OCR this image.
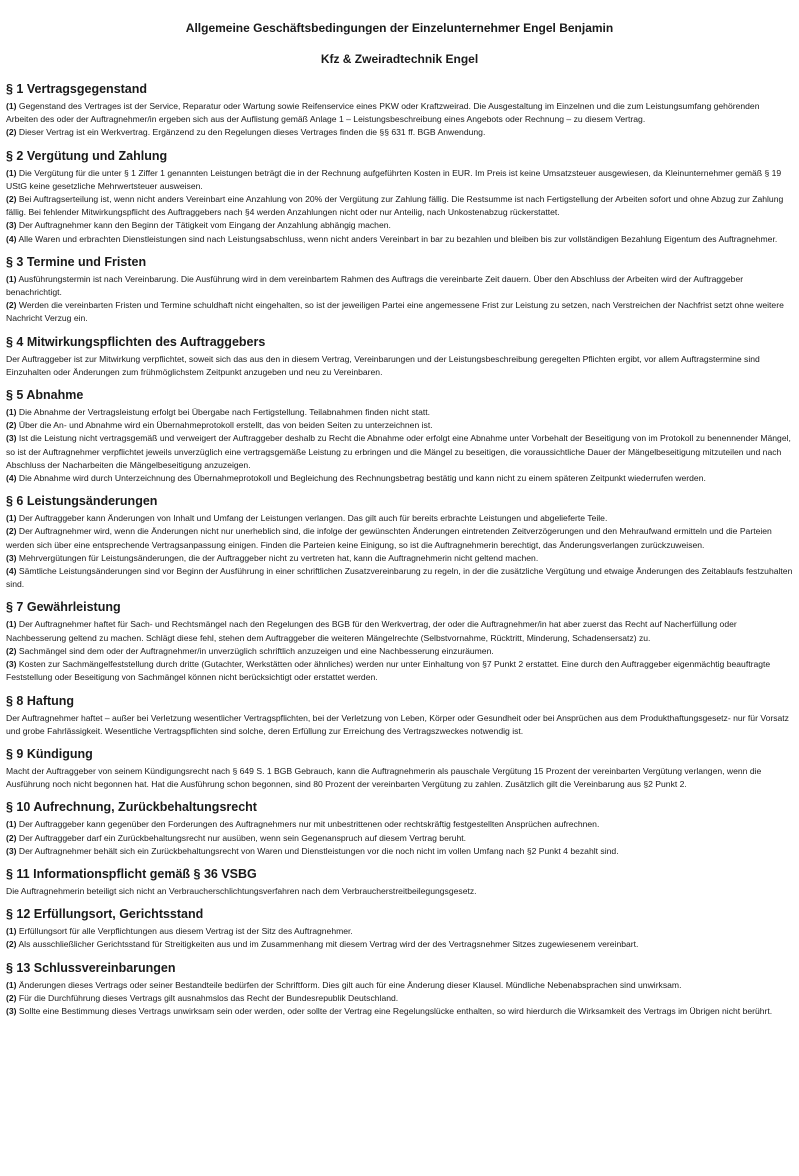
Allgemeine Geschäftsbedingungen der Einzelunternehmer Engel Benjamin
Kfz & Zweiradtechnik Engel
§ 1 Vertragsgegenstand

(1) Gegenstand des Vertrages ist der Service, Reparatur oder Wartung sowie Reifenservice eines PKW oder Kraftzweirad. Die Ausgestaltung im Einzelnen und die zum Leistungsumfang gehörenden Arbeiten des oder der Auftragnehmer/in ergeben sich aus der Auflistung gemäß Anlage 1 – Leistungsbeschreibung eines Angebots oder Rechnung – zu diesem Vertrag.

(2) Dieser Vertrag ist ein Werkvertrag. Ergänzend zu den Regelungen dieses Vertrages finden die §§ 631 ff. BGB Anwendung.

§ 2 Vergütung und Zahlung

(1) Die Vergütung für die unter § 1 Ziffer 1 genannten Leistungen beträgt die in der Rechnung aufgeführten Kosten in EUR. Im Preis ist keine Umsatzsteuer ausgewiesen, da Kleinunternehmer gemäß § 19 UStG keine gesetzliche Mehrwertsteuer ausweisen.

(2) Bei Auftragserteilung ist, wenn nicht anders Vereinbart eine Anzahlung von 20% der Vergütung zur Zahlung fällig. Die Restsumme ist nach Fertigstellung der Arbeiten sofort und ohne Abzug zur Zahlung fällig. Bei fehlender Mitwirkungspflicht des Auftraggebers nach §4 werden Anzahlungen nicht oder nur Anteilig, nach Unkostenabzug rückerstattet.

(3) Der Auftragnehmer kann den Beginn der Tätigkeit vom Eingang der Anzahlung abhängig machen.

(4) Alle Waren und erbrachten Dienstleistungen sind nach Leistungsabschluss, wenn nicht anders Vereinbart in bar zu bezahlen und bleiben bis zur vollständigen Bezahlung Eigentum des Auftragnehmer.

§ 3 Termine und Fristen

(1) Ausführungstermin ist nach Vereinbarung. Die Ausführung wird in dem vereinbartem Rahmen des Auftrags die vereinbarte Zeit dauern. Über den Abschluss der Arbeiten wird der Auftraggeber benachrichtigt.

(2) Werden die vereinbarten Fristen und Termine schuldhaft nicht eingehalten, so ist der jeweiligen Partei eine angemessene Frist zur Leistung zu setzen, nach Verstreichen der Nachfrist setzt ohne weitere Nachricht Verzug ein.

§ 4 Mitwirkungspflichten des Auftraggebers

Der Auftraggeber ist zur Mitwirkung verpflichtet, soweit sich das aus den in diesem Vertrag, Vereinbarungen und der Leistungsbeschreibung geregelten Pflichten ergibt, vor allem Auftragstermine sind Einzuhalten oder Änderungen zum frühmöglichstem Zeitpunkt anzugeben und neu zu Vereinbaren.

§ 5 Abnahme

(1) Die Abnahme der Vertragsleistung erfolgt bei Übergabe nach Fertigstellung. Teilabnahmen finden nicht statt.

(2) Über die An- und Abnahme wird ein Übernahmeprotokoll erstellt, das von beiden Seiten zu unterzeichnen ist.

(3) Ist die Leistung nicht vertragsgemäß und verweigert der Auftraggeber deshalb zu Recht die Abnahme oder erfolgt eine Abnahme unter Vorbehalt der Beseitigung von im Protokoll zu benennender Mängel, so ist der Auftragnehmer verpflichtet jeweils unverzüglich eine vertragsgemäße Leistung zu erbringen und die Mängel zu beseitigen, die voraussichtliche Dauer der Mängelbeseitigung mitzuteilen und nach Abschluss der Nacharbeiten die Mängelbeseitigung anzuzeigen.

(4) Die Abnahme wird durch Unterzeichnung des Übernahmeprotokoll und Begleichung des Rechnungsbetrag bestätig und kann nicht zu einem späteren Zeitpunkt wiederrufen werden.

§ 6 Leistungsänderungen

(1) Der Auftraggeber kann Änderungen von Inhalt und Umfang der Leistungen verlangen. Das gilt auch für bereits erbrachte Leistungen und abgelieferte Teile.

(2) Der Auftragnehmer wird, wenn die Änderungen nicht nur unerheblich sind, die infolge der gewünschten Änderungen eintretenden Zeitverzögerungen und den Mehraufwand ermitteln und die Parteien werden sich über eine entsprechende Vertragsanpassung einigen. Finden die Parteien keine Einigung, so ist die Auftragnehmerin berechtigt, das Änderungsverlangen zurückzuweisen.

(3) Mehrvergütungen für Leistungsänderungen, die der Auftraggeber nicht zu vertreten hat, kann die Auftragnehmerin nicht geltend machen.

(4) Sämtliche Leistungsänderungen sind vor Beginn der Ausführung in einer schriftlichen Zusatzvereinbarung zu regeln, in der die zusätzliche Vergütung und etwaige Änderungen des Zeitablaufs festzuhalten sind.

§ 7 Gewährleistung

(1) Der Auftragnehmer haftet für Sach- und Rechtsmängel nach den Regelungen des BGB für den Werkvertrag, der oder die Auftragnehmer/in hat aber zuerst das Recht auf Nacherfüllung oder Nachbesserung geltend zu machen. Schlägt diese fehl, stehen dem Auftraggeber die weiteren Mängelrechte (Selbstvornahme, Rücktritt, Minderung, Schadensersatz) zu.

(2) Sachmängel sind dem oder der Auftragnehmer/in unverzüglich schriftlich anzuzeigen und eine Nachbesserung einzuräumen.

(3) Kosten zur Sachmängelfeststellung durch dritte (Gutachter, Werkstätten oder ähnliches) werden nur unter Einhaltung von §7 Punkt 2 erstattet. Eine durch den Auftraggeber eigenmächtig beauftragte Feststellung oder Beseitigung von Sachmängel können nicht berücksichtigt oder erstattet werden.

§ 8 Haftung

Der Auftragnehmer haftet – außer bei Verletzung wesentlicher Vertragspflichten, bei der Verletzung von Leben, Körper oder Gesundheit oder bei Ansprüchen aus dem Produkthaftungsgesetz- nur für Vorsatz und grobe Fahrlässigkeit. Wesentliche Vertragspflichten sind solche, deren Erfüllung zur Erreichung des Vertragszweckes notwendig ist.

§ 9 Kündigung

Macht der Auftraggeber von seinem Kündigungsrecht nach § 649 S. 1 BGB Gebrauch, kann die Auftragnehmerin als pauschale Vergütung 15 Prozent der vereinbarten Vergütung verlangen, wenn die Ausführung noch nicht begonnen hat. Hat die Ausführung schon begonnen, sind 80 Prozent der vereinbarten Vergütung zu zahlen. Zusätzlich gilt die Vereinbarung aus §2 Punkt 2.

§ 10 Aufrechnung, Zurückbehaltungsrecht

(1) Der Auftraggeber kann gegenüber den Forderungen des Auftragnehmers nur mit unbestrittenen oder rechtskräftig festgestellten Ansprüchen aufrechnen.

(2) Der Auftraggeber darf ein Zurückbehaltungsrecht nur ausüben, wenn sein Gegenanspruch auf diesem Vertrag beruht.

(3) Der Auftragnehmer behält sich ein Zurückbehaltungsrecht von Waren und Dienstleistungen vor die noch nicht im vollen Umfang nach §2 Punkt 4 bezahlt sind.

§ 11 Informationspflicht gemäß § 36 VSBG

Die Auftragnehmerin beteiligt sich nicht an Verbraucherschlichtungsverfahren nach dem Verbraucherstreitbeilegungsgesetz.

§ 12 Erfüllungsort, Gerichtsstand

(1) Erfüllungsort für alle Verpflichtungen aus diesem Vertrag ist der Sitz des Auftragnehmer.

(2) Als ausschließlicher Gerichtsstand für Streitigkeiten aus und im Zusammenhang mit diesem Vertrag wird der des Vertragsnehmer Sitzes zugewiesenem vereinbart.

§ 13 Schlussvereinbarungen

(1) Änderungen dieses Vertrags oder seiner Bestandteile bedürfen der Schriftform. Dies gilt auch für eine Änderung dieser Klausel. Mündliche Nebenabsprachen sind unwirksam.

(2) Für die Durchführung dieses Vertrags gilt ausnahmslos das Recht der Bundesrepublik Deutschland.

(3) Sollte eine Bestimmung dieses Vertrags unwirksam sein oder werden, oder sollte der Vertrag eine Regelungslücke enthalten, so wird hierdurch die Wirksamkeit des Vertrags im Übrigen nicht berührt.
